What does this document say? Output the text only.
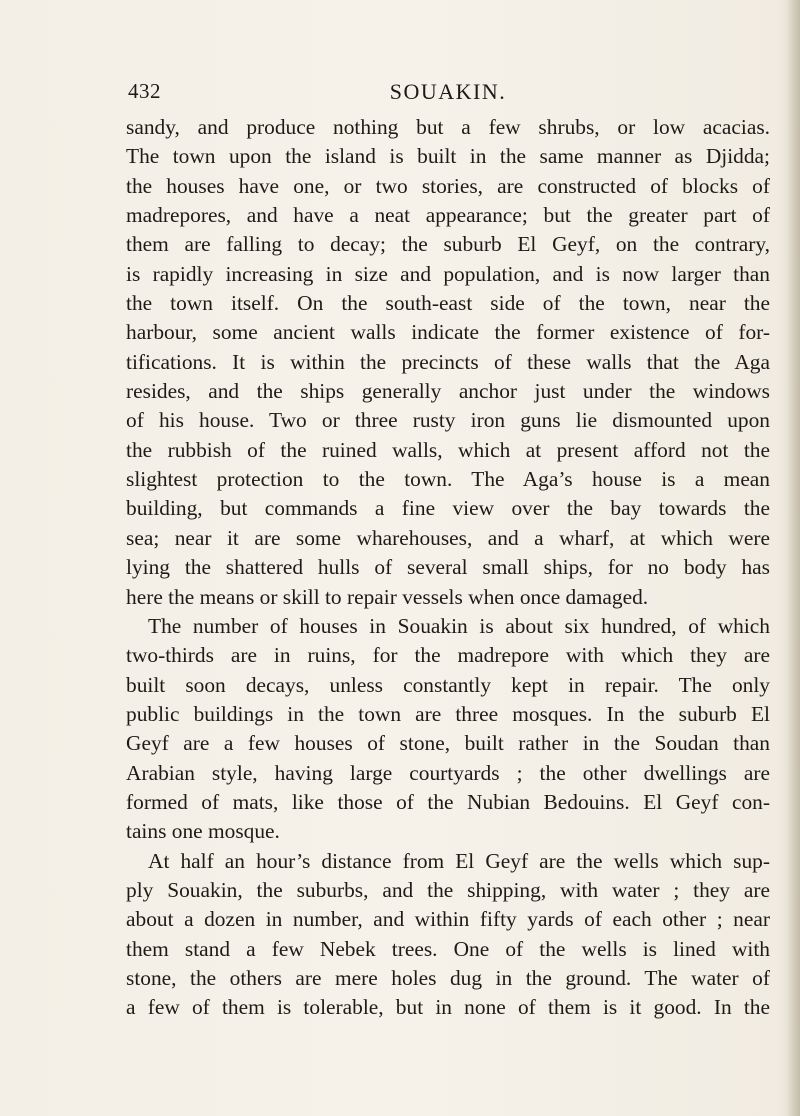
432	SOUAKIN.
sandy, and produce nothing but a few shrubs, or low acacias.
The town upon the island is built in the same manner as Djidda;
the houses have one, or two stories, are constructed of blocks of
madrepores, and have a neat appearance; but the greater part of
them are falling to decay; the suburb El Geyf, on the contrary,
is rapidly increasing in size and population, and is now larger than
the town itself. On the south-east side of the town, near the
harbour, some ancient walls indicate the former existence of for-
tifications. It is within the precincts of these walls that the Aga
resides, and the ships generally anchor just under the windows
of his house. Two or three rusty iron guns lie dismounted upon
the rubbish of the ruined walls, which at present afford not the
slightest protection to the town. The Aga’s house is a mean
building, but commands a fine view over the bay towards the
sea; near it are some wharehouses, and a wharf, at which were
lying the shattered hulls of several small ships, for no body has
here the means or skill to repair vessels when once damaged.
The number of houses in Souakin is about six hundred, of which
two-thirds are in ruins, for the madrepore with which they are
built soon decays, unless constantly kept in repair. The only
public buildings in the town are three mosques. In the suburb El
Geyf are a few houses of stone, built rather in the Soudan than
Arabian style, having large courtyards ; the other dwellings are
formed of mats, like those of the Nubian Bedouins. El Geyf con-
tains one mosque.
At half an hour’s distance from El Geyf are the wells which sup-
ply Souakin, the suburbs, and the shipping, with water ; they are
about a dozen in number, and within fifty yards of each other ; near
them stand a few Nebek trees. One of the wells is lined with
stone, the others are mere holes dug in the ground. The water of
a few of them is tolerable, but in none of them is it good. In the
